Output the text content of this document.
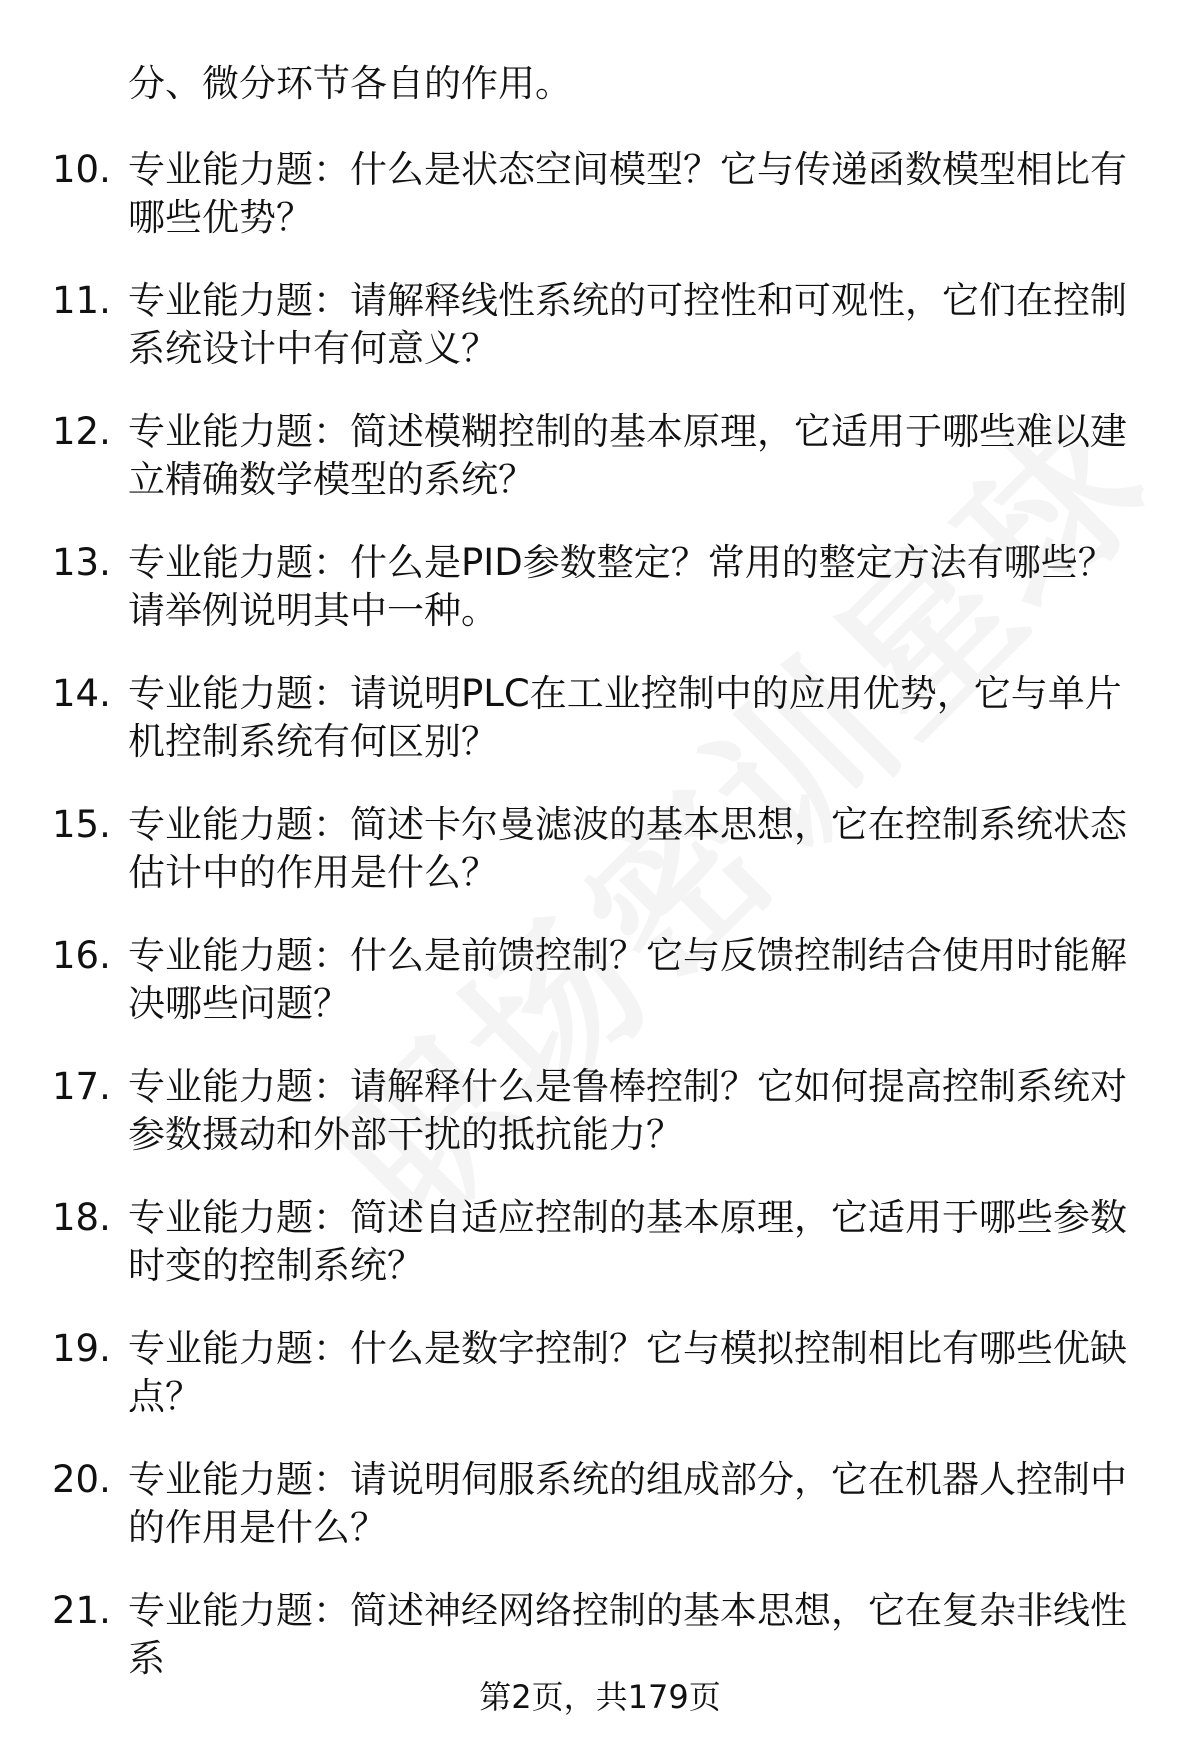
分、微分环节各自的作用。
10. 专业能力题：什么是状态空间模型？它与传递函数模型相比有哪些优势？
11. 专业能力题：请解释线性系统的可控性和可观性，它们在控制系统设计中有何意义？
12. 专业能力题：简述模糊控制的基本原理，它适用于哪些难以建立精确数学模型的系统？
13. 专业能力题：什么是PID参数整定？常用的整定方法有哪些？请举例说明其中一种。
14. 专业能力题：请说明PLC在工业控制中的应用优势，它与单片机控制系统有何区别？
15. 专业能力题：简述卡尔曼滤波的基本思想，它在控制系统状态估计中的作用是什么？
16. 专业能力题：什么是前馈控制？它与反馈控制结合使用时能解决哪些问题？
17. 专业能力题：请解释什么是鲁棒控制？它如何提高控制系统对参数摄动和外部干扰的抵抗能力？
18. 专业能力题：简述自适应控制的基本原理，它适用于哪些参数时变的控制系统？
19. 专业能力题：什么是数字控制？它与模拟控制相比有哪些优缺点？
20. 专业能力题：请说明伺服系统的组成部分，它在机器人控制中的作用是什么？
21. 专业能力题：简述神经网络控制的基本思想，它在复杂非线性系
第2页，共179页
